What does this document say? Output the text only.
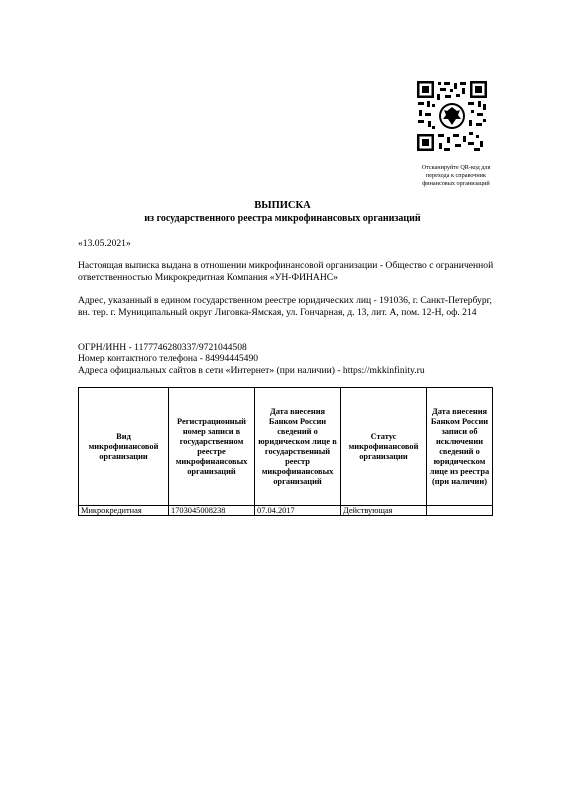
Отсканируйте QR-код для
перехода к справочник
финансовых организаций
ВЫПИСКА
из государственного реестра микрофинансовых организаций
«13.05.2021»
Настоящая выписка выдана в отношении микрофинансовой организации - Общество с ограниченной ответственностью Микрокредитная Компания «УН-ФИНАНС»
Адрес, указанный в едином государственном реестре юридических лиц - 191036, г. Санкт-Петербург, вн. тер. г. Муниципальный округ Лиговка-Ямская, ул. Гончарная, д. 13, лит. А, пом. 12-Н, оф. 214
ОГРН/ИНН - 1177746280337/9721044508
Номер контактного телефона - 84994445490
Адреса официальных сайтов в сети «Интернет» (при наличии) - https://mkkinfinity.ru
Вид микрофинансовой организации	Регистрационный номер записи в государственном реестре микрофинансовых организаций	Дата внесения Банком России сведений о юридическом лице в государственный реестр микрофинансовых организаций	Статус микрофинансовой организации	Дата внесения Банком России записи об исключении сведений о юридическом лице из реестра (при наличии)
Микрокредитная	1703045008238	07.04.2017	Действующая	
